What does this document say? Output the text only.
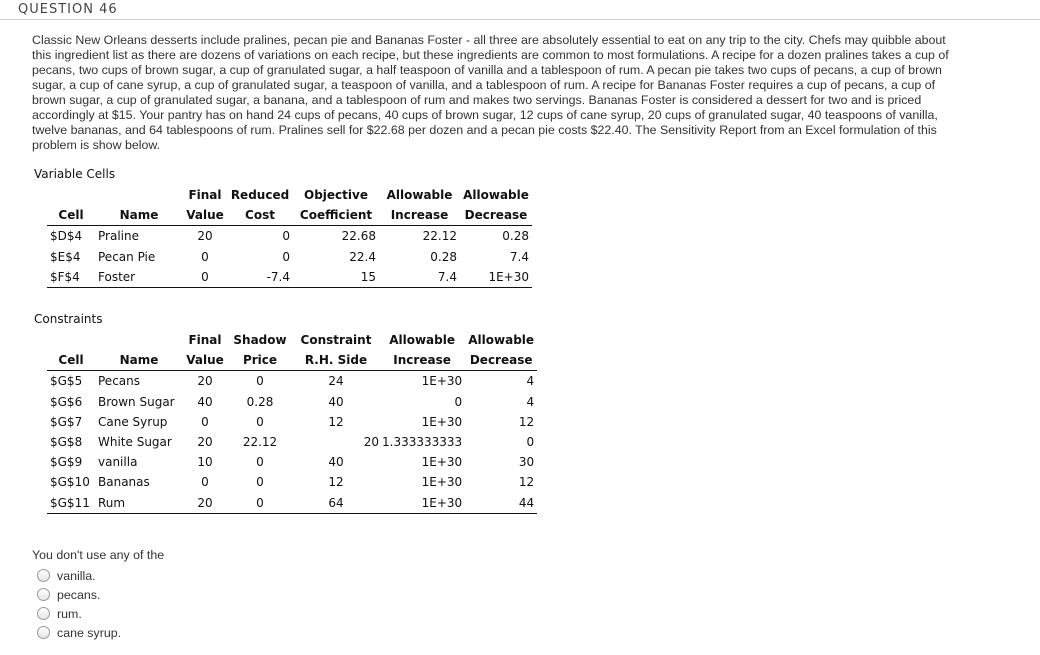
QUESTION 46

Classic New Orleans desserts include pralines, pecan pie and Bananas Foster - all three are absolutely essential to eat on any trip to the city. Chefs may quibble about

this ingredient list as there are dozens of variations on each recipe, but these ingredients are common to most formulations. A recipe for a dozen pralines takes a cup of

pecans, two cups of brown sugar, a cup of granulated sugar, a half teaspoon of vanilla and a tablespoon of rum. A pecan pie takes two cups of pecans, a cup of brown

sugar, a cup of cane syrup, a cup of granulated sugar, a teaspoon of vanilla, and a tablespoon of rum. A recipe for Bananas Foster requires a cup of pecans, a cup of

brown sugar, a cup of granulated sugar, a banana, and a tablespoon of rum and makes two servings. Bananas Foster is considered a dessert for two and is priced

accordingly at $15. Your pantry has on hand 24 cups of pecans, 40 cups of brown sugar, 12 cups of cane syrup, 20 cups of granulated sugar, 40 teaspoons of vanilla,

twelve bananas, and 64 tablespoons of rum. Pralines sell for $22.68 per dozen and a pecan pie costs $22.40. The Sensitivity Report from an Excel formulation of this

problem is show below.

Variable Cells
		Final	Reduced	Objective	Allowable	Allowable
Cell	Name	Value	Cost	Coefficient	Increase	Decrease
$D$4	Praline	20	0	22.68	22.12	0.28
$E$4	Pecan Pie	0	0	22.4	0.28	7.4
$F$4	Foster	0	-7.4	15	7.4	1E+30
Constraints
		Final	Shadow	Constraint	Allowable	Allowable
Cell	Name	Value	Price	R.H. Side	Increase	Decrease
$G$5	Pecans	20	0	24	1E+30	4
$G$6	Brown Sugar	40	0.28	40	0	4
$G$7	Cane Syrup	0	0	12	1E+30	12
$G$8	White Sugar	20	22.12	20	1.333333333	0
$G$9	vanilla	10	0	40	1E+30	30
$G$10	Bananas	0	0	12	1E+30	12
$G$11	Rum	20	0	64	1E+30	44
You don't use any of the
vanilla.
pecans.
rum.
cane syrup.
